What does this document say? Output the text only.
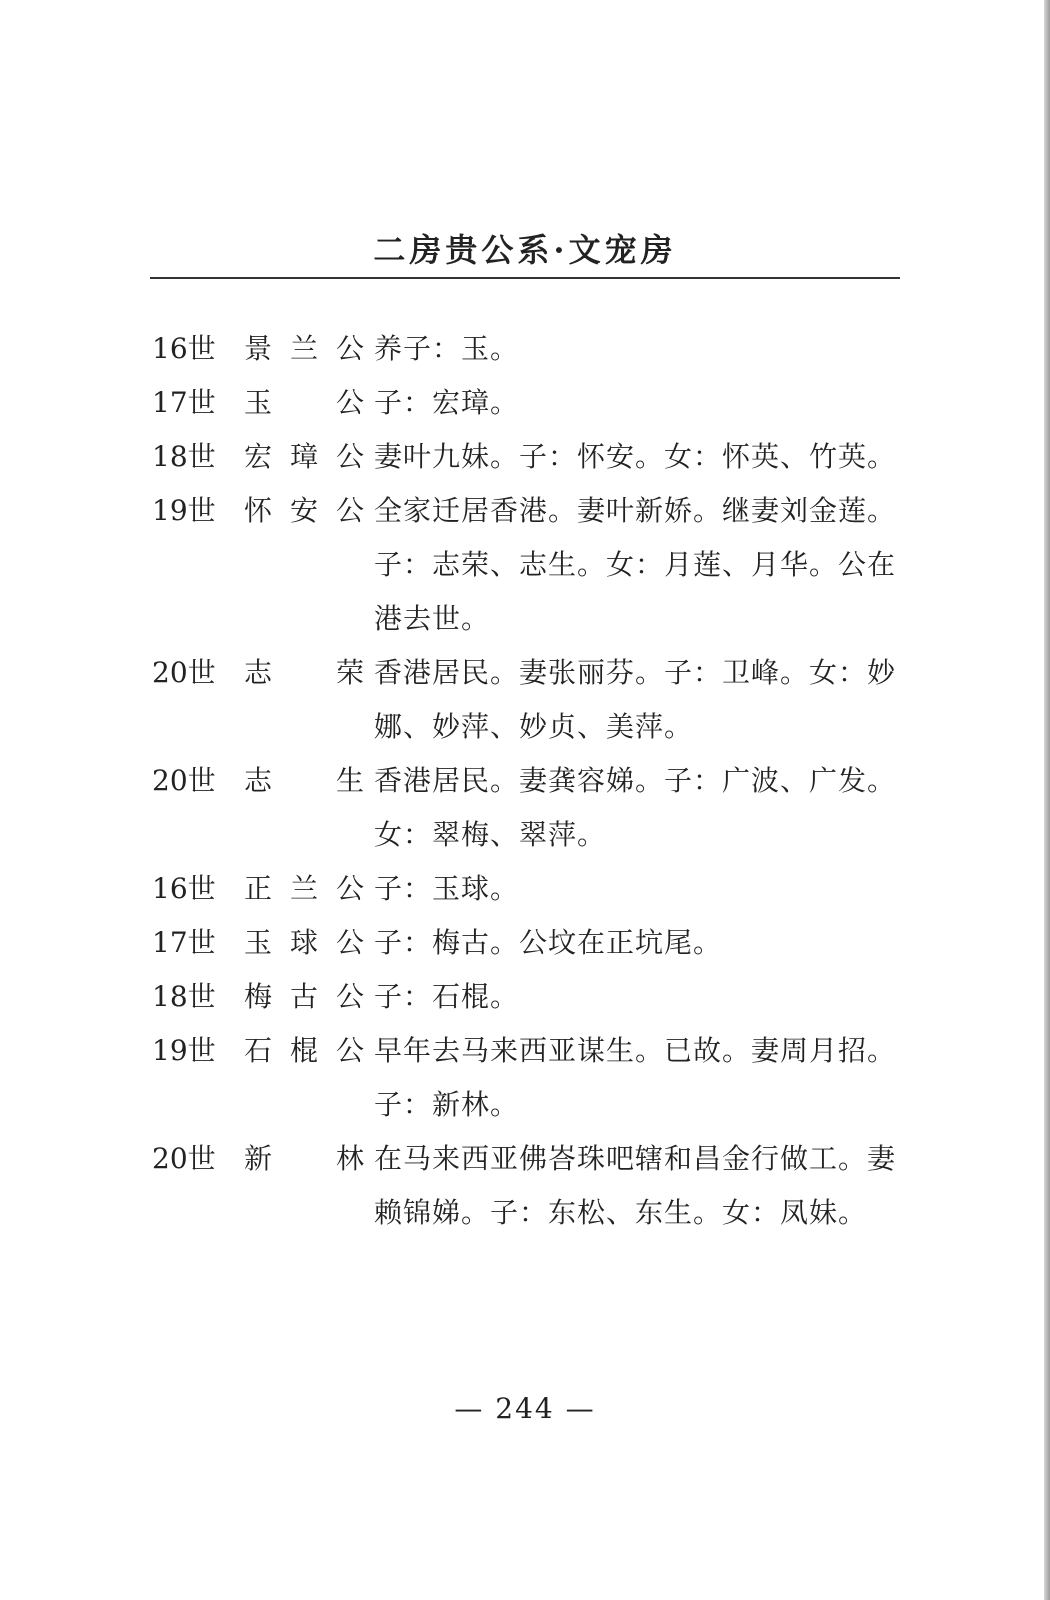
二房贵公系·文宠房
16世	景兰公 养子：玉。
17世	玉　公 子：宏璋。
18世	宏璋公 妻叶九妹。子：怀安。女：怀英、竹英。
19世	怀安公 全家迁居香港。妻叶新娇。继妻刘金莲。子：志荣、志生。女：月莲、月华。公在港去世。
20世	志　荣 香港居民。妻张丽芬。子：卫峰。女：妙娜、妙萍、妙贞、美萍。
20世	志　生 香港居民。妻龚容娣。子：广波、广发。女：翠梅、翠萍。
16世	正兰公 子：玉球。
17世	玉球公 子：梅古。公坟在正坑尾。
18世	梅古公 子：石棍。
19世	石棍公 早年去马来西亚谋生。已故。妻周月招。子：新林。
20世	新　林 在马来西亚佛峇珠吧辖和昌金行做工。妻赖锦娣。子：东松、东生。女：凤妹。
— 244 —
